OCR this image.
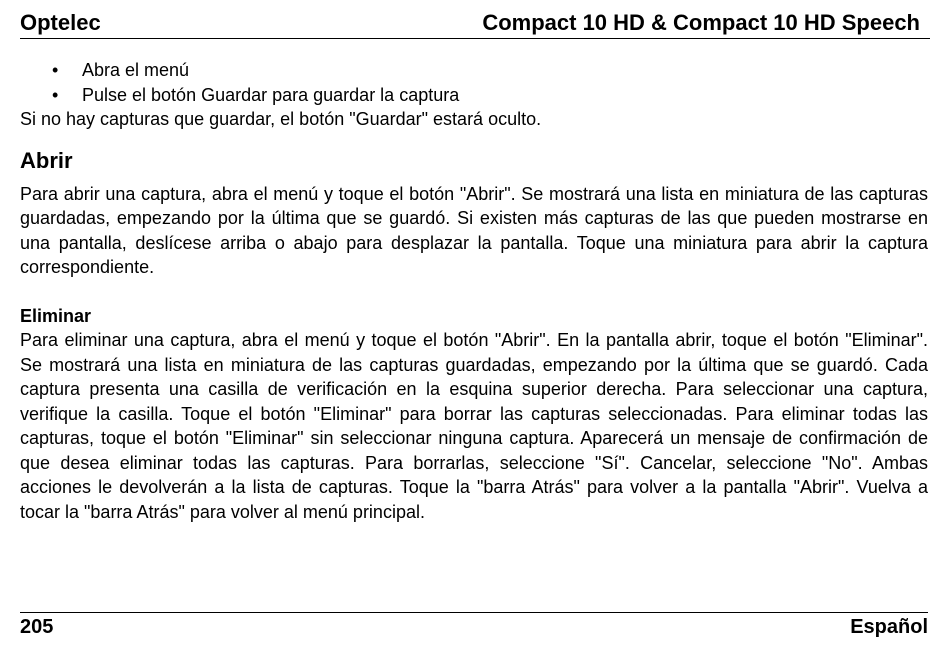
Optelec	Compact 10 HD & Compact 10 HD Speech
• Abra el menú
• Pulse el botón Guardar para guardar la captura

Si no hay capturas que guardar, el botón "Guardar" estará oculto.

Abrir

Para abrir una captura, abra el menú y toque el botón "Abrir". Se mostrará una lista en miniatura de las capturas guardadas, empezando por la última que se guardó. Si existen más capturas de las que pueden mostrarse en una pantalla, deslícese arriba o abajo para desplazar la pantalla. Toque una miniatura para abrir la captura correspondiente.

Eliminar

Para eliminar una captura, abra el menú y toque el botón "Abrir". En la pantalla abrir, toque el botón "Eliminar". Se mostrará una lista en miniatura de las capturas guardadas, empezando por la última que se guardó. Cada captura presenta una casilla de verificación en la esquina superior derecha. Para seleccionar una captura, verifique la casilla. Toque el botón "Eliminar" para borrar las capturas seleccionadas. Para eliminar todas las capturas, toque el botón "Eliminar" sin seleccionar ninguna captura. Aparecerá un mensaje de confirmación de que desea eliminar todas las capturas. Para borrarlas, seleccione "Sí". Cancelar, seleccione "No". Ambas acciones le devolverán a la lista de capturas. Toque la "barra Atrás" para volver a la pantalla "Abrir". Vuelva a tocar la "barra Atrás" para volver al menú principal.

205	Español
